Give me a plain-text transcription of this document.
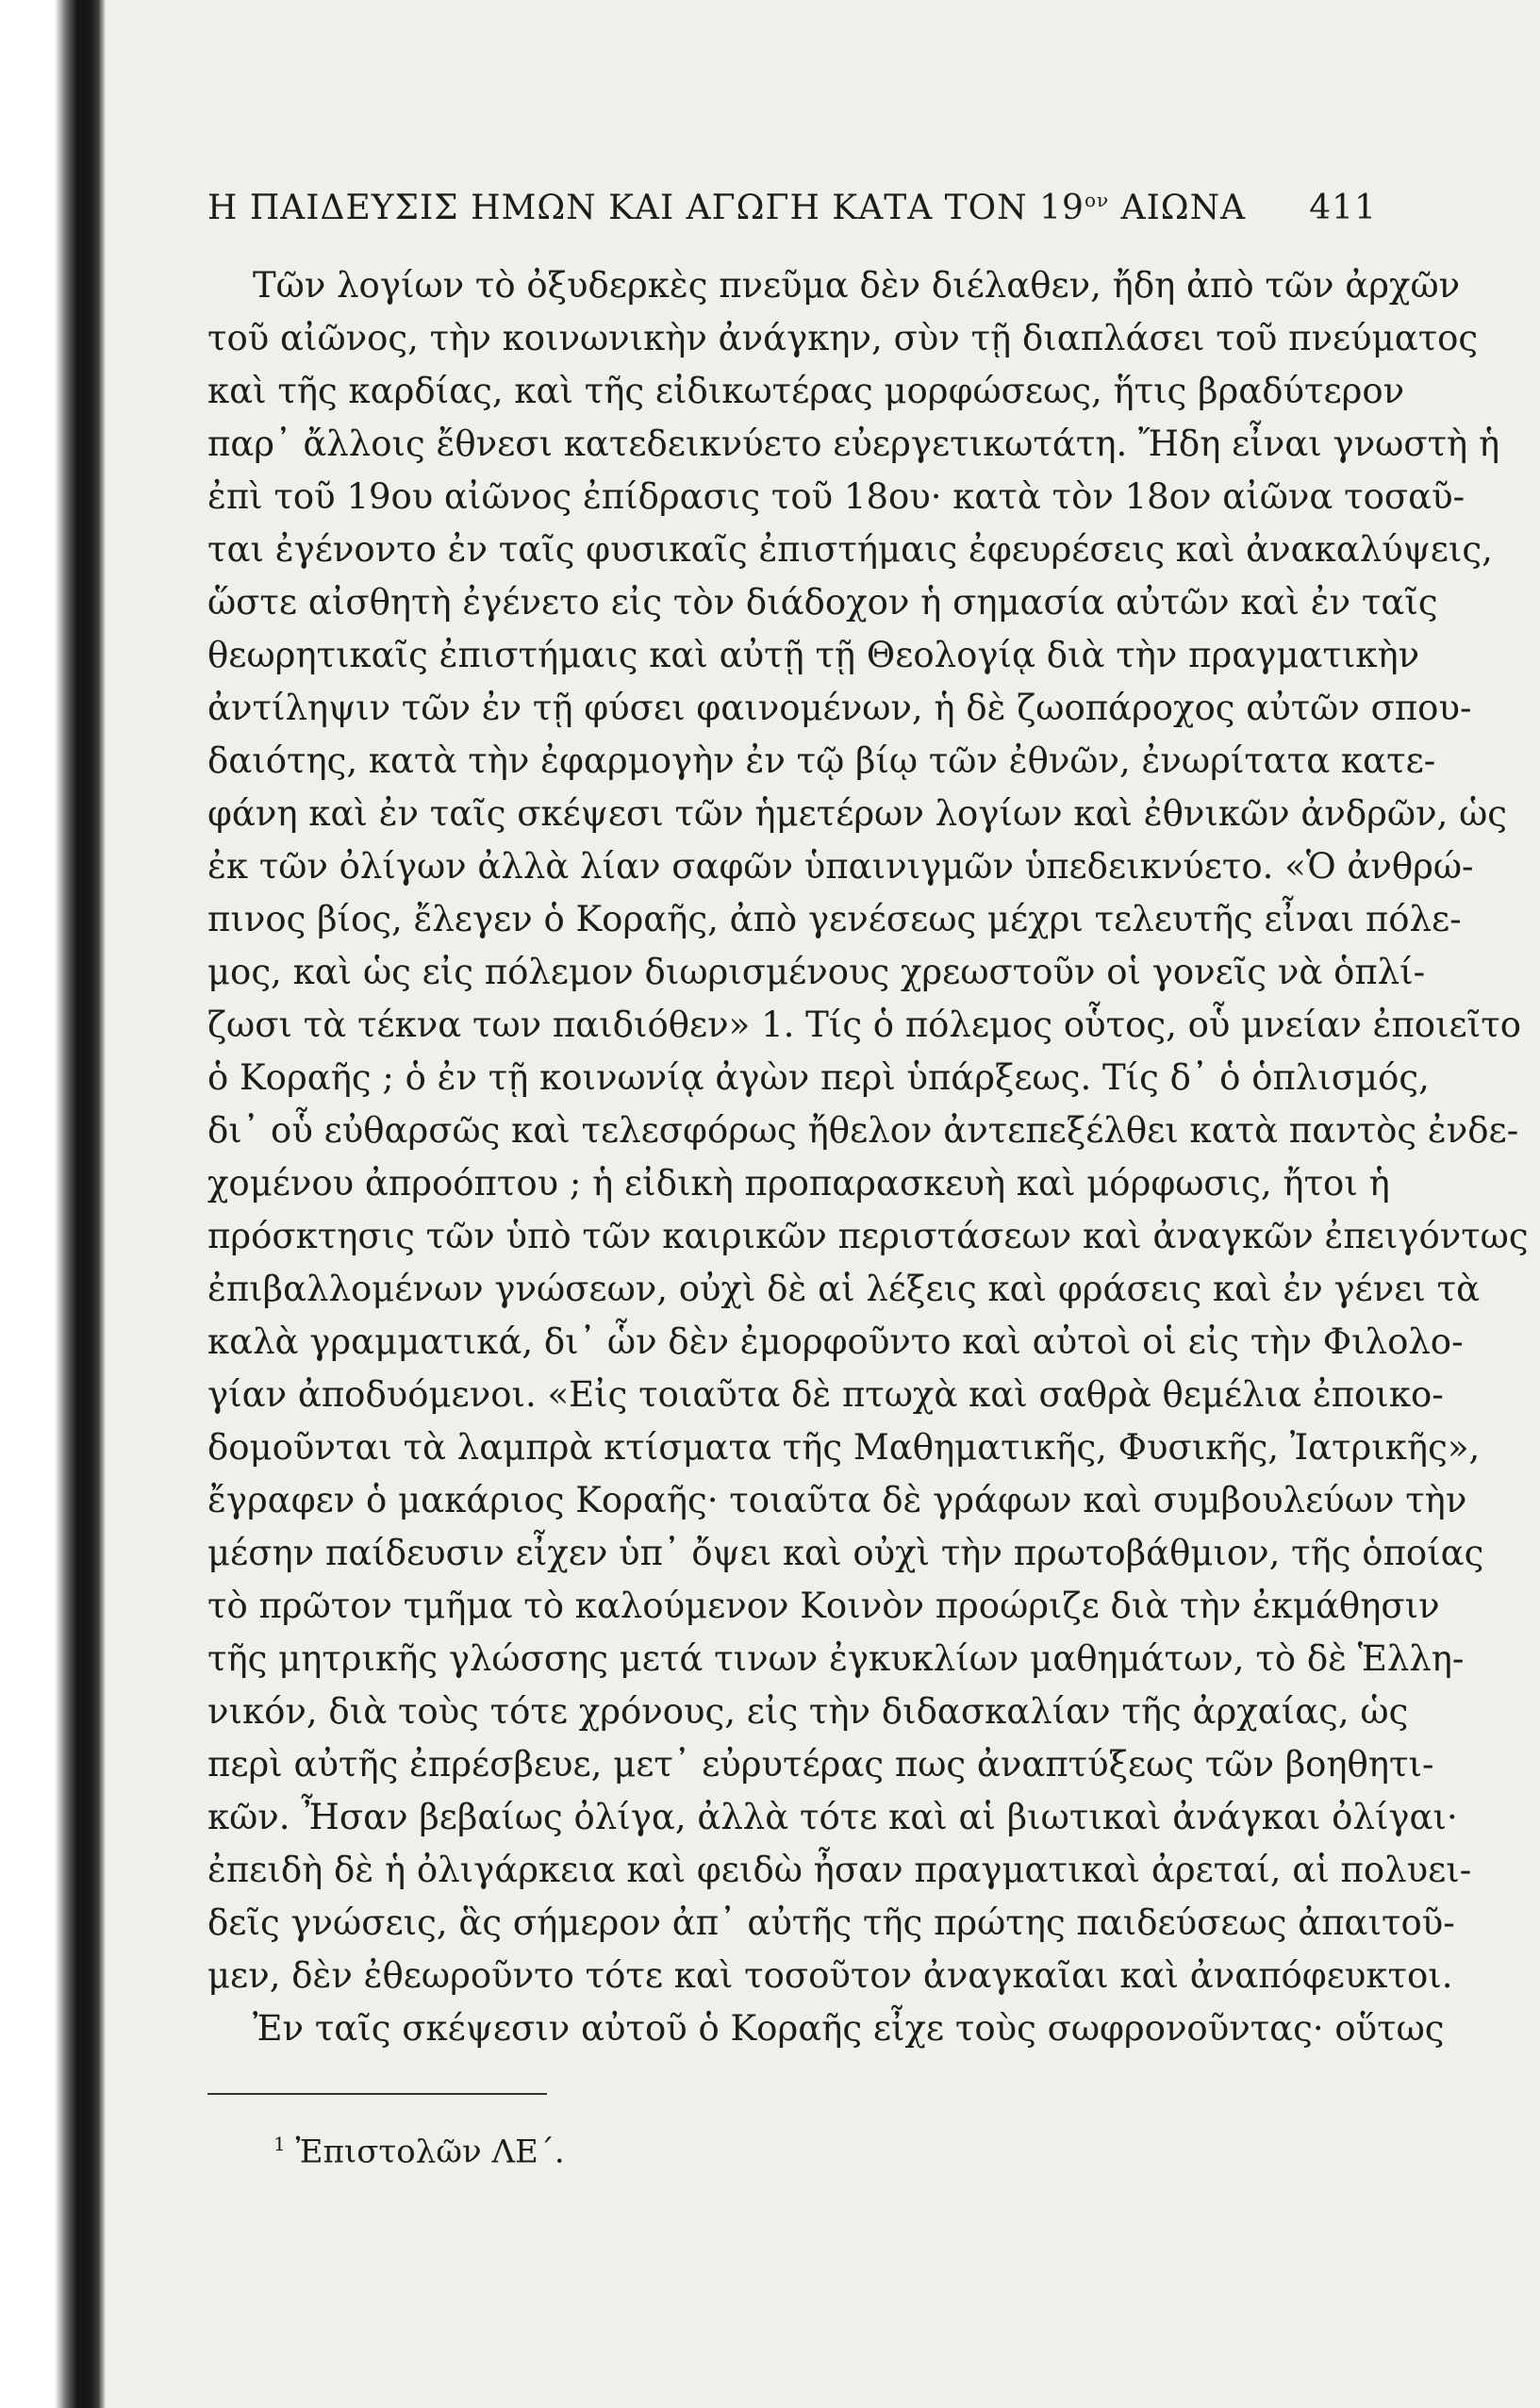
Η ΠΑΙΔΕΥΣΙΣ ΗΜΩΝ ΚΑΙ ΑΓΩΓΗ ΚΑΤΑ ΤΟΝ $19^{o\nu}$ ΑΙΩΝΑ 411
Τῶν λογίων τὸ ὀξυδερκὲς πνεῦμα δὲν διέλαθεν, ἤδη ἀπὸ τῶν ἀρχῶν
τοῦ αἰῶνος, τὴν κοινωνικὴν ἀνάγκην, σὺν τῇ διαπλάσει τοῦ πνεύματος
καὶ τῆς καρδίας, καὶ τῆς εἰδικωτέρας μορφώσεως, ἥτις βραδύτερον
παρ᾽ ἄλλοις ἔθνεσι κατεδεικνύετο εὐεργετικωτάτη. Ἤδη εἶναι γνωστὴ ἡ
ἐπὶ τοῦ 19ου αἰῶνος ἐπίδρασις τοῦ 18ου· κατὰ τὸν 18ον αἰῶνα τοσαῦ-
ται ἐγένοντο ἐν ταῖς φυσικαῖς ἐπιστήμαις ἐφευρέσεις καὶ ἀνακαλύψεις,
ὥστε αἰσθητὴ ἐγένετο εἰς τὸν διάδοχον ἡ σημασία αὐτῶν καὶ ἐν ταῖς
θεωρητικαῖς ἐπιστήμαις καὶ αὐτῇ τῇ Θεολογίᾳ διὰ τὴν πραγματικὴν
ἀντίληψιν τῶν ἐν τῇ φύσει φαινομένων, ἡ δὲ ζωοπάροχος αὐτῶν σπου-
δαιότης, κατὰ τὴν ἐφαρμογὴν ἐν τῷ βίῳ τῶν ἐθνῶν, ἐνωρίτατα κατε-
φάνη καὶ ἐν ταῖς σκέψεσι τῶν ἡμετέρων λογίων καὶ ἐθνικῶν ἀνδρῶν, ὡς
ἐκ τῶν ὀλίγων ἀλλὰ λίαν σαφῶν ὑπαινιγμῶν ὑπεδεικνύετο. «Ὁ ἀνθρώ-
πινος βίος, ἔλεγεν ὁ Κοραῆς, ἀπὸ γενέσεως μέχρι τελευτῆς εἶναι πόλε-
μος, καὶ ὡς εἰς πόλεμον διωρισμένους χρεωστοῦν οἱ γονεῖς νὰ ὁπλί-
ζωσι τὰ τέκνα των παιδιόθεν» 1. Τίς ὁ πόλεμος οὗτος, οὗ μνείαν ἐποιεῖτο
ὁ Κοραῆς ; ὁ ἐν τῇ κοινωνίᾳ ἀγὼν περὶ ὑπάρξεως. Τίς δ᾽ ὁ ὁπλισμός,
δι᾽ οὗ εὐθαρσῶς καὶ τελεσφόρως ἤθελον ἀντεπεξέλθει κατὰ παντὸς ἐνδε-
χομένου ἀπροόπτου ; ἡ εἰδικὴ προπαρασκευὴ καὶ μόρφωσις, ἤτοι ἡ
πρόσκτησις τῶν ὑπὸ τῶν καιρικῶν περιστάσεων καὶ ἀναγκῶν ἐπειγόντως
ἐπιβαλλομένων γνώσεων, οὐχὶ δὲ αἱ λέξεις καὶ φράσεις καὶ ἐν γένει τὰ
καλὰ γραμματικά, δι᾽ ὧν δὲν ἐμορφοῦντο καὶ αὐτοὶ οἱ εἰς τὴν Φιλολο-
γίαν ἀποδυόμενοι. «Εἰς τοιαῦτα δὲ πτωχὰ καὶ σαθρὰ θεμέλια ἐποικο-
δομοῦνται τὰ λαμπρὰ κτίσματα τῆς Μαθηματικῆς, Φυσικῆς, Ἰατρικῆς»,
ἔγραφεν ὁ μακάριος Κοραῆς· τοιαῦτα δὲ γράφων καὶ συμβουλεύων τὴν
μέσην παίδευσιν εἶχεν ὑπ᾽ ὄψει καὶ οὐχὶ τὴν πρωτοβάθμιον, τῆς ὁποίας
τὸ πρῶτον τμῆμα τὸ καλούμενον Κοινὸν προώριζε διὰ τὴν ἐκμάθησιν
τῆς μητρικῆς γλώσσης μετά τινων ἐγκυκλίων μαθημάτων, τὸ δὲ Ἑλλη-
νικόν, διὰ τοὺς τότε χρόνους, εἰς τὴν διδασκαλίαν τῆς ἀρχαίας, ὡς
περὶ αὐτῆς ἐπρέσβευε, μετ᾽ εὐρυτέρας πως ἀναπτύξεως τῶν βοηθητι-
κῶν. Ἦσαν βεβαίως ὀλίγα, ἀλλὰ τότε καὶ αἱ βιωτικαὶ ἀνάγκαι ὀλίγαι·
ἐπειδὴ δὲ ἡ ὀλιγάρκεια καὶ φειδὼ ἦσαν πραγματικαὶ ἀρεταί, αἱ πολυει-
δεῖς γνώσεις, ἃς σήμερον ἀπ᾽ αὐτῆς τῆς πρώτης παιδεύσεως ἀπαιτοῦ-
μεν, δὲν ἐθεωροῦντο τότε καὶ τοσοῦτον ἀναγκαῖαι καὶ ἀναπόφευκτοι.
Ἐν ταῖς σκέψεσιν αὐτοῦ ὁ Κοραῆς εἶχε τοὺς σωφρονοῦντας· οὕτως
$^1$ Ἐπιστολῶν ΛΕ΄.
